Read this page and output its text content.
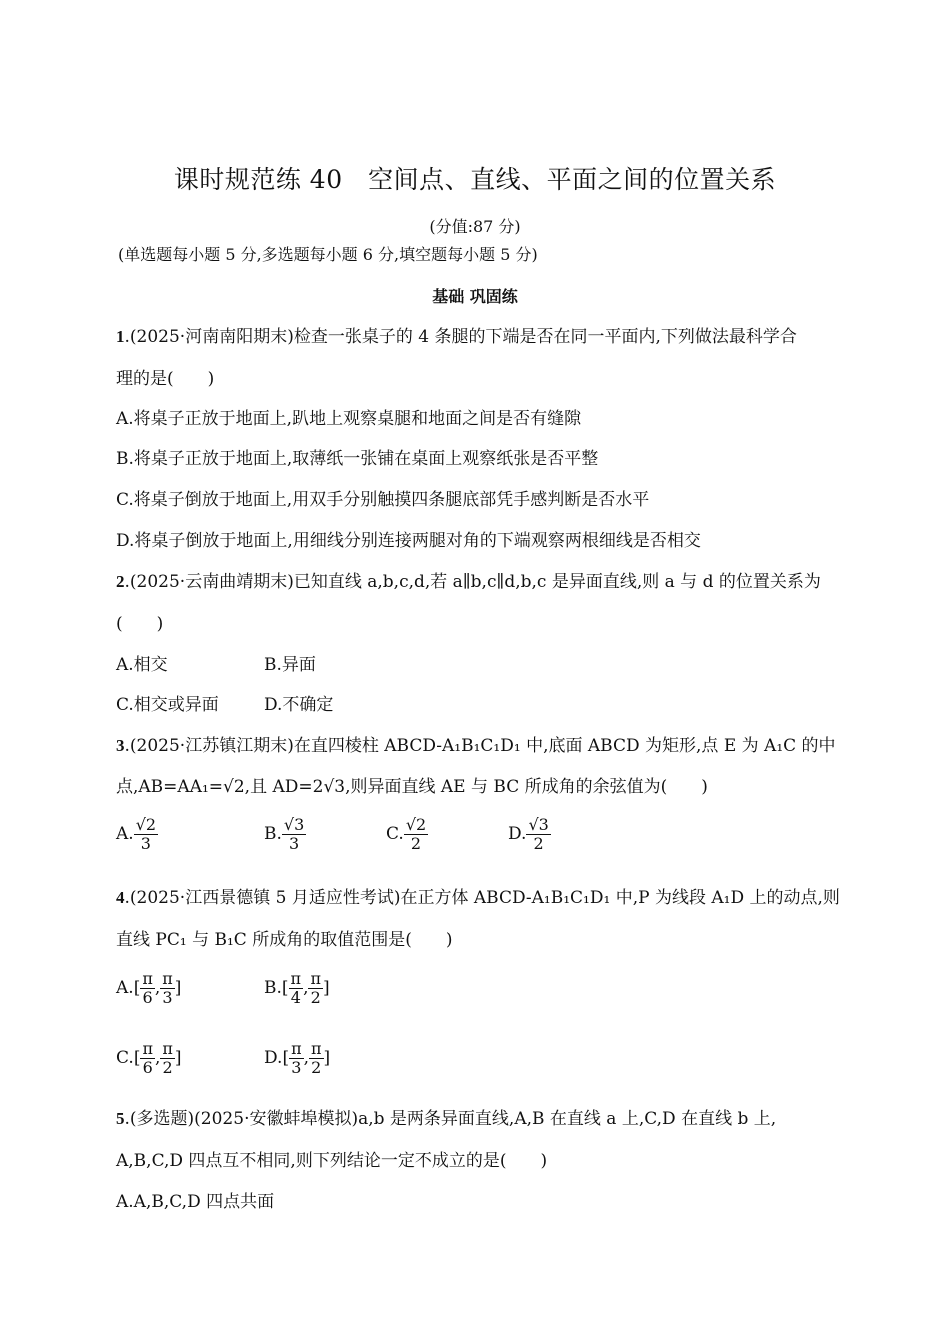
课时规范练 40　空间点、直线、平面之间的位置关系
(分值:87 分)
(单选题每小题 5 分,多选题每小题 6 分,填空题每小题 5 分)
基础 巩固练
1.(2025·河南南阳期末)检查一张桌子的 4 条腿的下端是否在同一平面内,下列做法最科学合
理的是(　　)
A.将桌子正放于地面上,趴地上观察桌腿和地面之间是否有缝隙
B.将桌子正放于地面上,取薄纸一张铺在桌面上观察纸张是否平整
C.将桌子倒放于地面上,用双手分别触摸四条腿底部凭手感判断是否水平
D.将桌子倒放于地面上,用细线分别连接两腿对角的下端观察两根细线是否相交
2.(2025·云南曲靖期末)已知直线 a,b,c,d,若 a∥b,c∥d,b,c 是异面直线,则 a 与 d 的位置关系为
(　　)
A.相交	B.异面
C.相交或异面	D.不确定
3.(2025·江苏镇江期末)在直四棱柱 ABCD-A₁B₁C₁D₁ 中,底面 ABCD 为矩形,点 E 为 A₁C 的中
点,AB=AA₁=√2,且 AD=2√3,则异面直线 AE 与 BC 所成角的余弦值为(　　)
A. $\frac{√2}{3}$	B. $\frac{√3}{3}$	C. $\frac{√2}{2}$	D. $\frac{√3}{2}$
4.(2025·江西景德镇 5 月适应性考试)在正方体 ABCD-A₁B₁C₁D₁ 中,P 为线段 A₁D 上的动点,则
直线 PC₁ 与 B₁C 所成角的取值范围是(　　)
$A.[ \frac{\pi}{6}$ , $\frac{\pi}{3}$ ]	$B.[ \frac{\pi}{4}$ , $\frac{\pi}{2}$ ]
$C.[ \frac{\pi}{6}$ , $\frac{\pi}{2}$ ]	$D.[ \frac{\pi}{3}$ , $\frac{\pi}{2}$ ]
5.(多选题)(2025·安徽蚌埠模拟)a,b 是两条异面直线,A,B 在直线 a 上,C,D 在直线 b 上,
A,B,C,D 四点互不相同,则下列结论一定不成立的是(　　)
A.A,B,C,D 四点共面
